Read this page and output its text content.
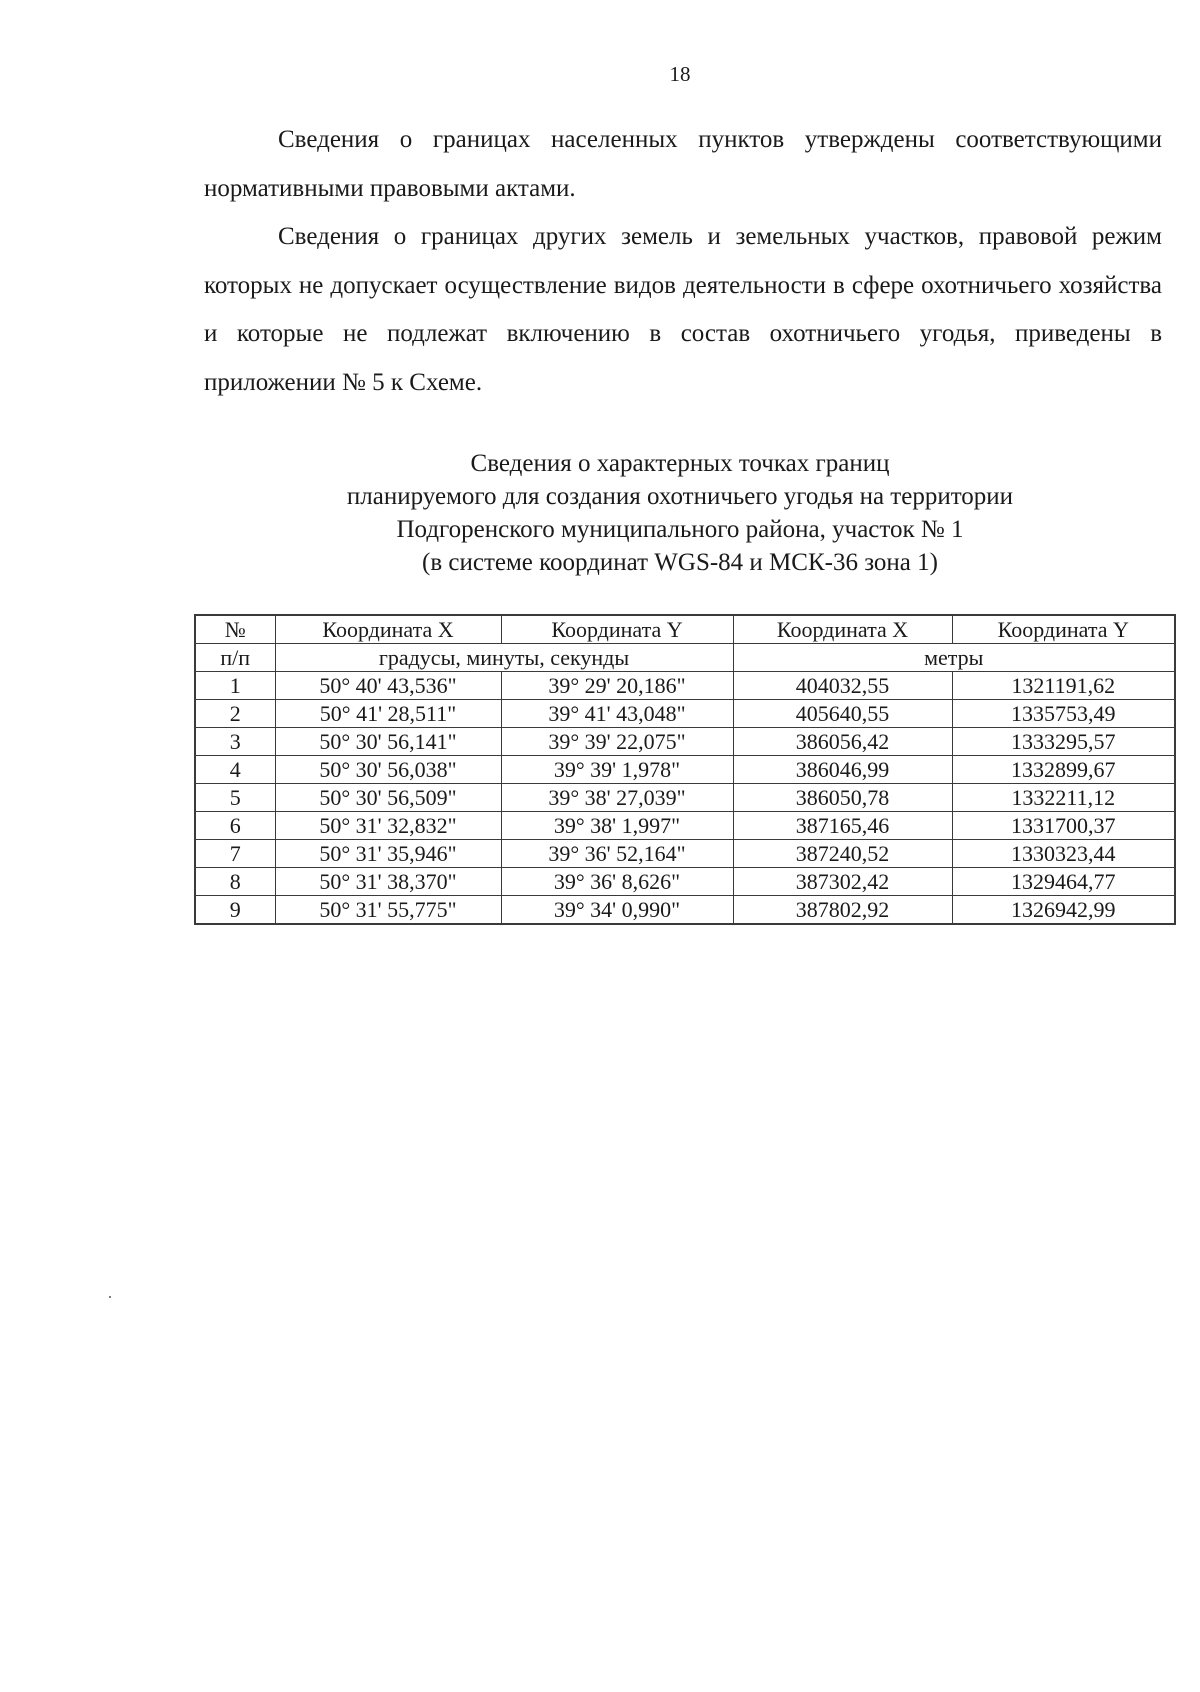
18

Сведения о границах населенных пунктов утверждены соответствующими нормативными правовыми актами.

Сведения о границах других земель и земельных участков, правовой режим которых не допускает осуществление видов деятельности в сфере охотничьего хозяйства и которые не подлежат включению в состав охотничьего угодья, приведены в приложении № 5 к Схеме.

Сведения о характерных точках границ
планируемого для создания охотничьего угодья на территории
Подгоренского муниципального района, участок № 1
(в системе координат WGS-84 и МСК-36 зона 1)
№	Координата X	Координата Y	Координата X	Координата Y
п/п	градусы, минуты, секунды		метры	
1	50° 40' 43,536"	39° 29' 20,186"	404032,55	1321191,62
2	50° 41' 28,511"	39° 41' 43,048"	405640,55	1335753,49
3	50° 30' 56,141"	39° 39' 22,075"	386056,42	1333295,57
4	50° 30' 56,038"	39° 39' 1,978"	386046,99	1332899,67
5	50° 30' 56,509"	39° 38' 27,039"	386050,78	1332211,12
6	50° 31' 32,832"	39° 38' 1,997"	387165,46	1331700,37
7	50° 31' 35,946"	39° 36' 52,164"	387240,52	1330323,44
8	50° 31' 38,370"	39° 36' 8,626"	387302,42	1329464,77
9	50° 31' 55,775"	39° 34' 0,990"	387802,92	1326942,99
